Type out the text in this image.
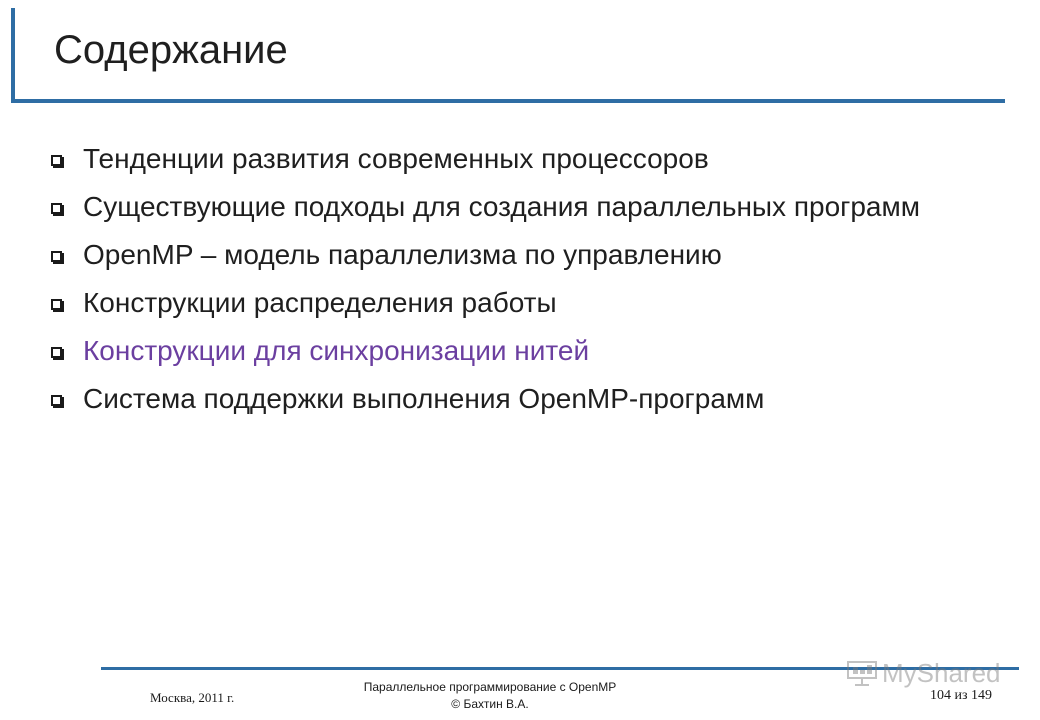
Содержание
Тенденции развития современных процессоров
Существующие подходы для создания параллельных программ
OpenMP – модель параллелизма по управлению
Конструкции распределения работы
Конструкции для синхронизации нитей
Система поддержки выполнения OpenMP-программ
Москва, 2011 г.
Параллельное программирование с OpenMP
© Бахтин В.А.
MyShared
104 из 149
